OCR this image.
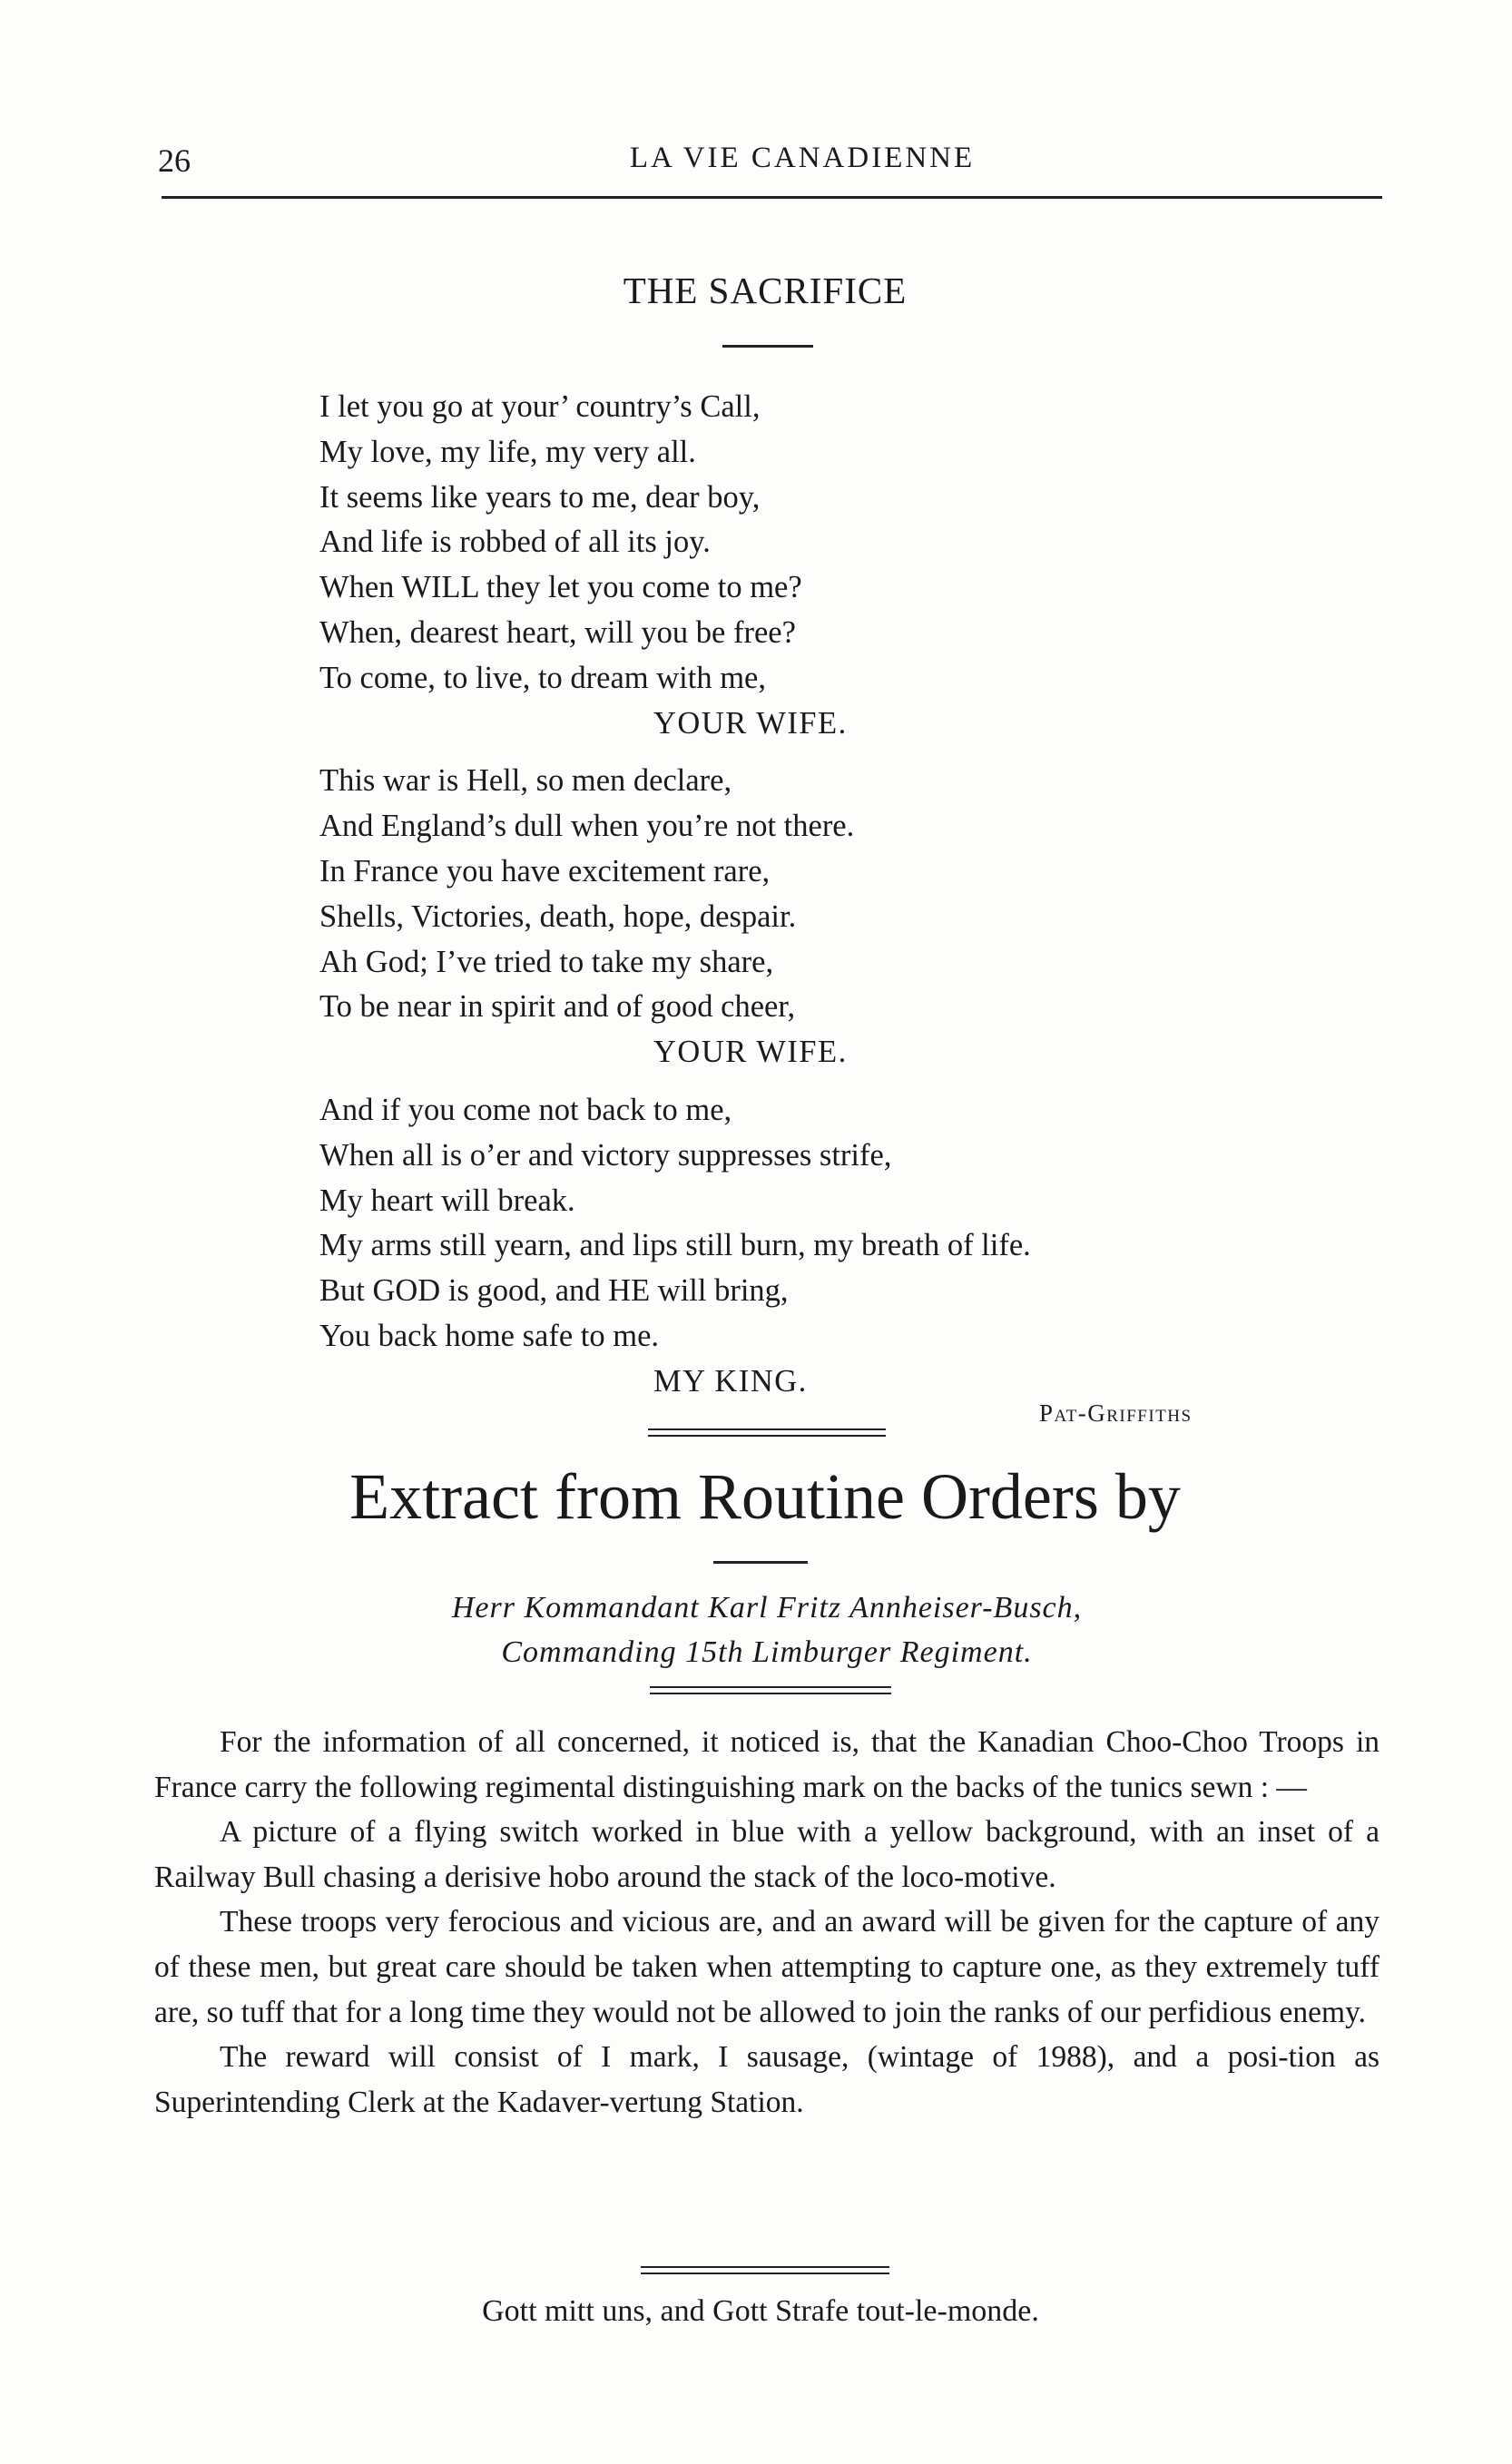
26	LA VIE CANADIENNE
THE SACRIFICE
I let you go at your’ country’s Call,
My love, my life, my very all.
It seems like years to me, dear boy,
And life is robbed of all its joy.
When WILL they let you come to me?
When, dearest heart, will you be free?
To come, to live, to dream with me,
YOUR WIFE.
This war is Hell, so men declare,
And England’s dull when you’re not there.
In France you have excitement rare,
Shells, Victories, death, hope, despair.
Ah God; I’ve tried to take my share,
To be near in spirit and of good cheer,
YOUR WIFE.
And if you come not back to me,
When all is o’er and victory suppresses strife,
My heart will break.
My arms still yearn, and lips still burn, my breath of life.
But GOD is good, and HE will bring,
You back home safe to me.
MY KING.
Pat-Griffiths
Extract from Routine Orders by
Herr Kommandant Karl Fritz Annheiser-Busch,
Commanding 15th Limburger Regiment.

For the information of all concerned, it noticed is, that the Kanadian Choo-Choo Troops in France carry the following regimental distinguishing mark on the backs of the tunics sewn : —

A picture of a flying switch worked in blue with a yellow background, with an inset of a Railway Bull chasing a derisive hobo around the stack of the loco-motive.

These troops very ferocious and vicious are, and an award will be given for the capture of any of these men, but great care should be taken when attempting to capture one, as they extremely tuff are, so tuff that for a long time they would not be allowed to join the ranks of our perfidious enemy.

The reward will consist of I mark, I sausage, (wintage of 1988), and a posi-tion as Superintending Clerk at the Kadaver-vertung Station.

Gott mitt uns, and Gott Strafe tout-le-monde.
